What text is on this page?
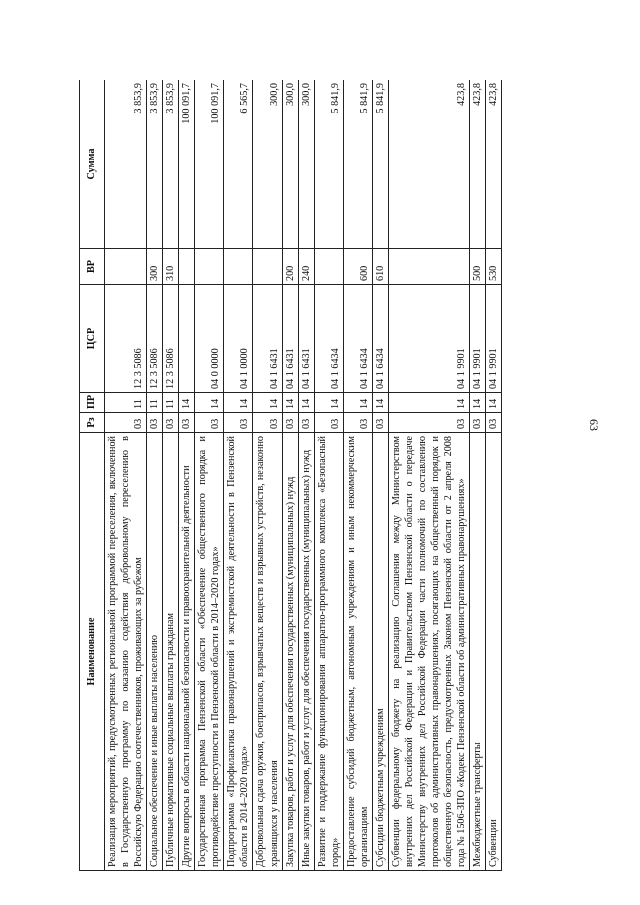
63
Наименование	Рз	ПР	ЦСР	ВР	Сумма
Реализация мероприятий, предусмотренных региональной программой переселения, включенной в Государственную программу по оказанию содействия добровольному переселению в Российскую Федерацию соотечественников, проживающих за рубежом	03	11	12 3 5086		3 853,9
Социальное обеспечение и иные выплаты населению	03	11	12 3 5086	300	3 853,9
Публичные нормативные социальные выплаты гражданам	03	11	12 3 5086	310	3 853,9
Другие вопросы в области национальной безопасности и правоохранительной деятельности	03	14			100 091,7
Государственная программа Пензенской области «Обеспечение общественного порядка и противодействие преступности в Пензенской области в 2014–2020 годах»	03	14	04 0 0000		100 091,7
Подпрограмма «Профилактика правонарушений и экстремистской деятельности в Пензенской области в 2014–2020 годах»	03	14	04 1 0000		6 565,7
Добровольная сдача оружия, боеприпасов, взрывчатых веществ и взрывных устройств, незаконно хранящихся у населения	03	14	04 1 6431		300,0
Закупка товаров, работ и услуг для обеспечения государственных (муниципальных) нужд	03	14	04 1 6431	200	300,0
Иные закупки товаров, работ и услуг для обеспечения государственных (муниципальных) нужд	03	14	04 1 6431	240	300,0
Развитие и поддержание функционирования аппаратно-программного комплекса «Безопасный город»	03	14	04 1 6434		5 841,9
Предоставление субсидий бюджетным, автономным учреждениям и иным некоммерческим организациям	03	14	04 1 6434	600	5 841,9
Субсидии бюджетным учреждениям	03	14	04 1 6434	610	5 841,9
Субвенции федеральному бюджету на реализацию Соглашения между Министерством внутренних дел Российской Федерации и Правительством Пензенской области о передаче Министерству внутренних дел Российской Федерации части полномочий по составлению протоколов об административных правонарушениях, посягающих на общественный порядок и общественную безопасность, предусмотренных Законом Пензенской области от 2 апреля 2008 года № 1506-ЗПО «Кодекс Пензенской области об административных правонарушениях»	03	14	04 1 9901		423,8
Межбюджетные трансферты	03	14	04 1 9901	500	423,8
Субвенции	03	14	04 1 9901	530	423,8
